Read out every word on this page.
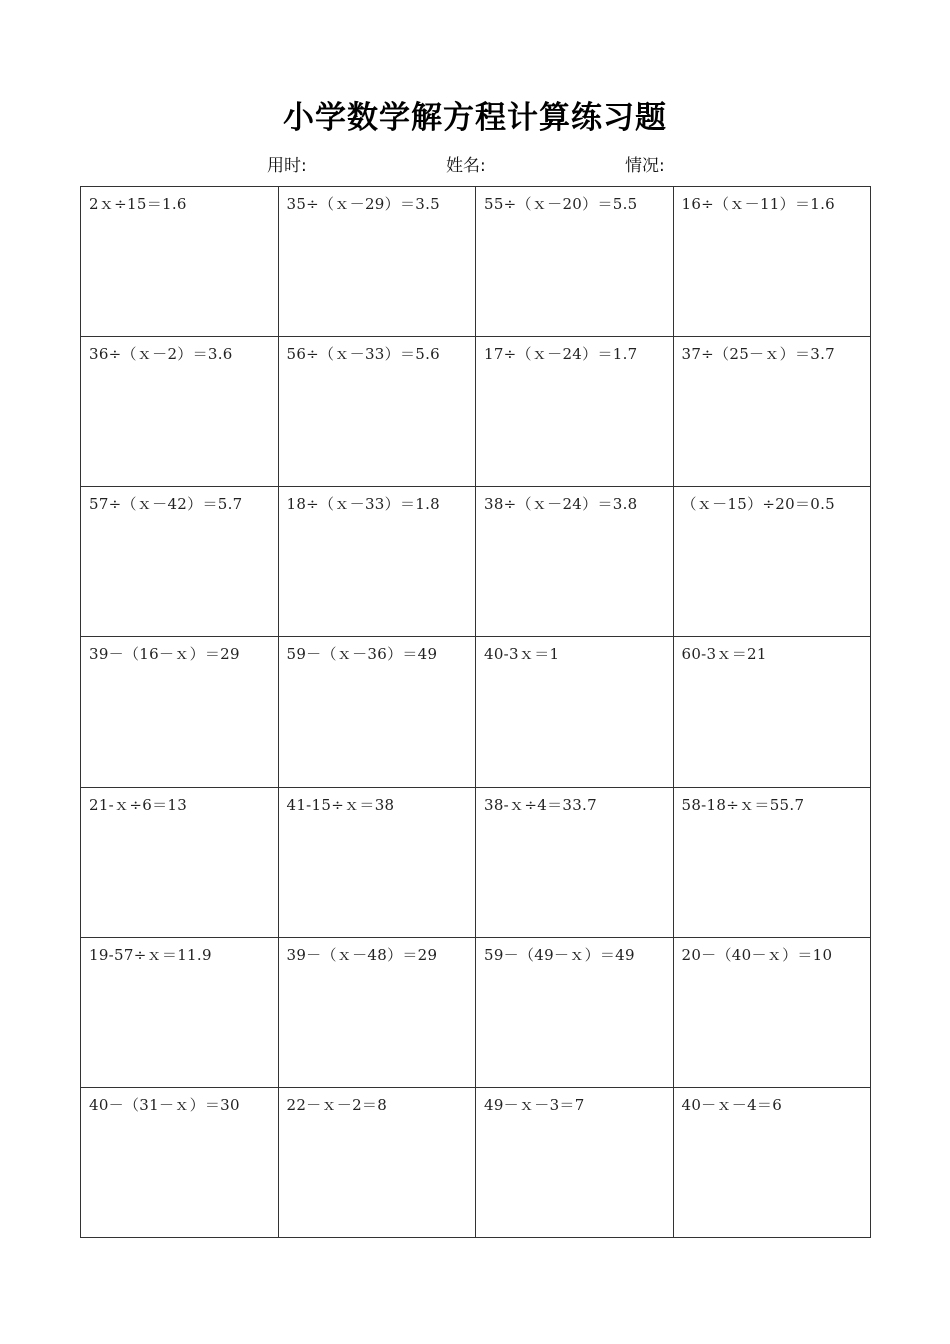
小学数学解方程计算练习题
用时:	姓名:	情况:
2ｘ÷15＝1.6	35÷（ｘ－29）＝3.5	55÷（ｘ－20）＝5.5	16÷（ｘ－11）＝1.6

36÷（ｘ－2）＝3.6	56÷（ｘ－33）＝5.6	17÷（ｘ－24）＝1.7	37÷（25－ｘ）＝3.7

57÷（ｘ－42）＝5.7	18÷（ｘ－33）＝1.8	38÷（ｘ－24）＝3.8	（ｘ－15）÷20＝0.5

39－（16－ｘ）＝29	59－（ｘ－36）＝49	40-3ｘ＝1	60-3ｘ＝21

21-ｘ÷6＝13	41-15÷ｘ＝38	38-ｘ÷4＝33.7	58-18÷ｘ＝55.7

19-57÷ｘ＝11.9	39－（ｘ－48）＝29	59－（49－ｘ）＝49	20－（40－ｘ）＝10

40－（31－ｘ）＝30	22－ｘ－2＝8	49－ｘ－3＝7	40－ｘ－4＝6
